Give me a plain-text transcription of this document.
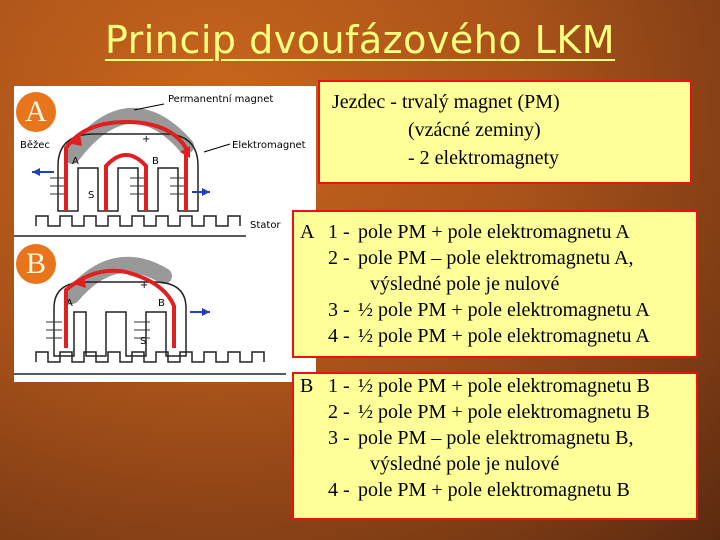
Princip dvoufázového LKM
Permanentní magnet
Běžec	Elektromagnet
A	B
+
S
Stator
A	B
+
S
A
B
Jezdec - trvalý magnet (PM)
(vzácné zeminy)
- 2 elektromagnety
A 1 - pole PM + pole elektromagnetu A
2 - pole PM – pole elektromagnetu A,
výsledné pole je nulové
3 - ½ pole PM + pole elektromagnetu A
4 - ½ pole PM + pole elektromagnetu A
B 1 - ½ pole PM + pole elektromagnetu B
2 - ½ pole PM + pole elektromagnetu B
3 - pole PM – pole elektromagnetu B,
výsledné pole je nulové
4 - pole PM + pole elektromagnetu B
